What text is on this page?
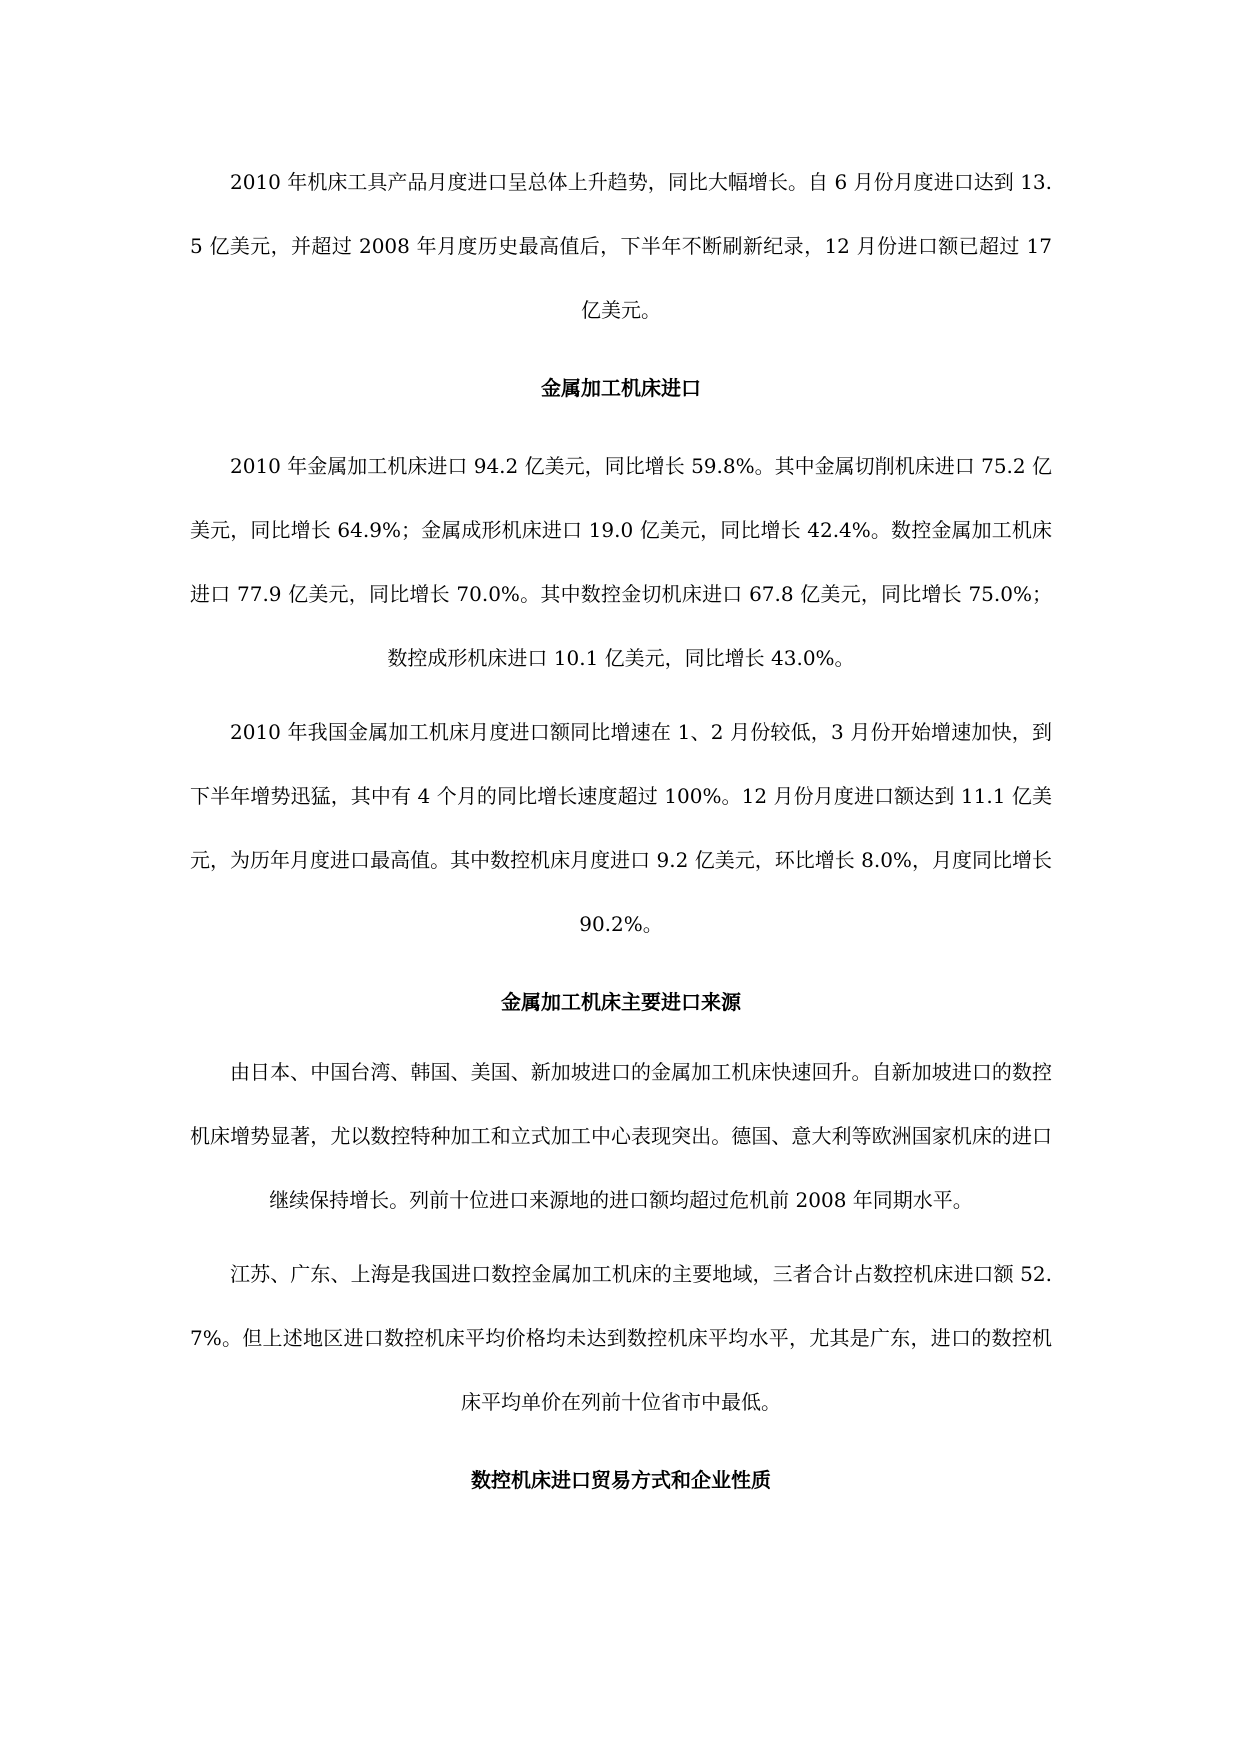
2010 年机床工具产品月度进口呈总体上升趋势，同比大幅增长。自 6 月份月度进口达到 13.5 亿美元，并超过 2008 年月度历史最高值后，下半年不断刷新纪录，12 月份进口额已超过 17 亿美元。

金属加工机床进口

2010 年金属加工机床进口 94.2 亿美元，同比增长 59.8%。其中金属切削机床进口 75.2 亿美元，同比增长 64.9%；金属成形机床进口 19.0 亿美元，同比增长 42.4%。数控金属加工机床进口 77.9 亿美元，同比增长 70.0%。其中数控金切机床进口 67.8 亿美元，同比增长 75.0%；数控成形机床进口 10.1 亿美元，同比增长 43.0%。

2010 年我国金属加工机床月度进口额同比增速在 1、2 月份较低，3 月份开始增速加快，到下半年增势迅猛，其中有 4 个月的同比增长速度超过 100%。12 月份月度进口额达到 11.1 亿美元，为历年月度进口最高值。其中数控机床月度进口 9.2 亿美元，环比增长 8.0%，月度同比增长 90.2%。

金属加工机床主要进口来源

由日本、中国台湾、韩国、美国、新加坡进口的金属加工机床快速回升。自新加坡进口的数控机床增势显著，尤以数控特种加工和立式加工中心表现突出。德国、意大利等欧洲国家机床的进口继续保持增长。列前十位进口来源地的进口额均超过危机前 2008 年同期水平。

江苏、广东、上海是我国进口数控金属加工机床的主要地域，三者合计占数控机床进口额 52.7%。但上述地区进口数控机床平均价格均未达到数控机床平均水平，尤其是广东，进口的数控机床平均单价在列前十位省市中最低。

数控机床进口贸易方式和企业性质
